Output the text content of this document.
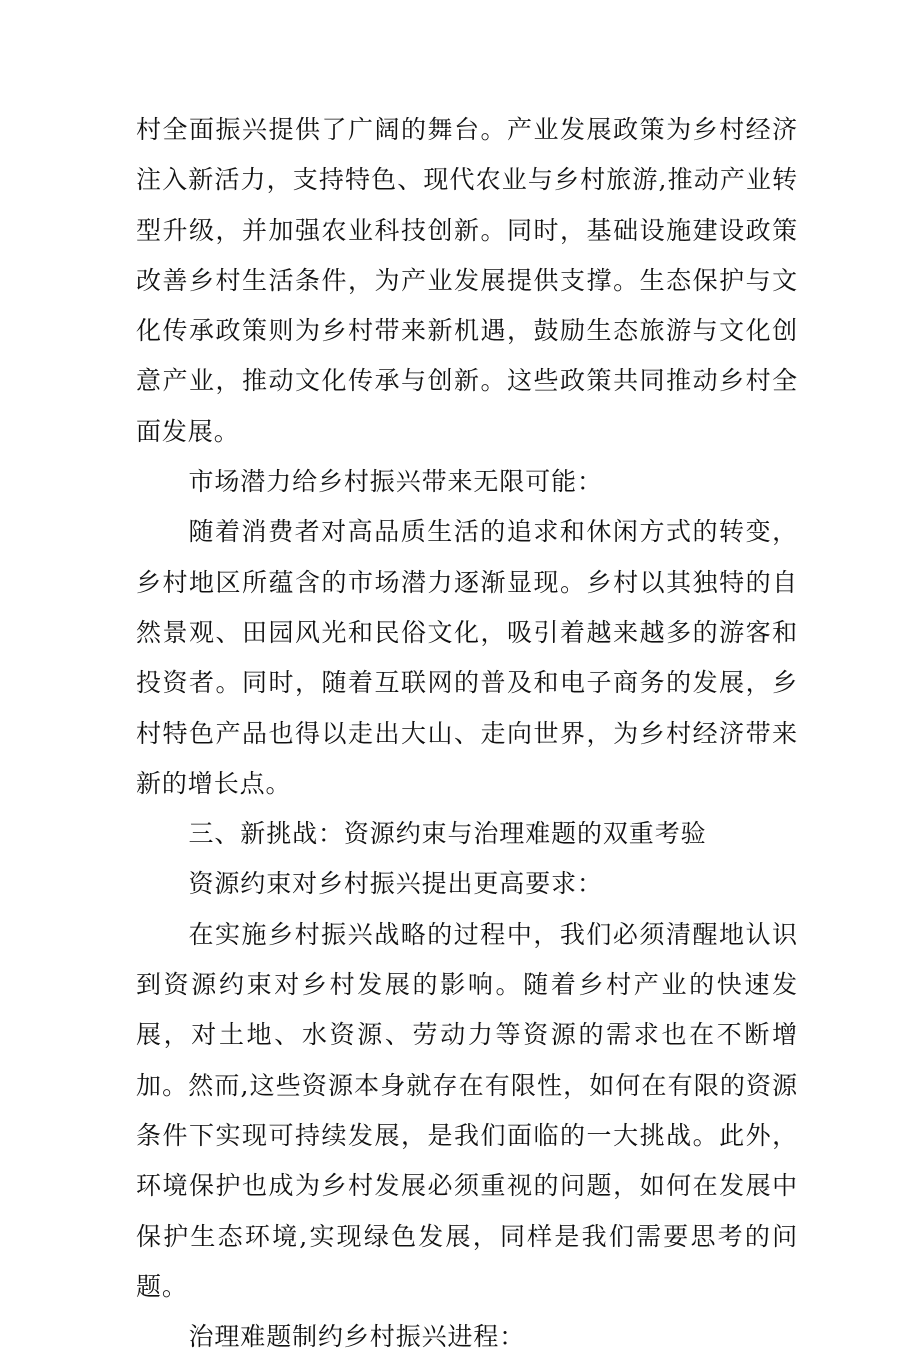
村全面振兴提供了广阔的舞台。产业发展政策为乡村经济注入新活力，支持特色、现代农业与乡村旅游,推动产业转型升级，并加强农业科技创新。同时，基础设施建设政策改善乡村生活条件，为产业发展提供支撑。生态保护与文化传承政策则为乡村带来新机遇，鼓励生态旅游与文化创意产业，推动文化传承与创新。这些政策共同推动乡村全面发展。

市场潜力给乡村振兴带来无限可能：

随着消费者对高品质生活的追求和休闲方式的转变，乡村地区所蕴含的市场潜力逐渐显现。乡村以其独特的自然景观、田园风光和民俗文化，吸引着越来越多的游客和投资者。同时，随着互联网的普及和电子商务的发展，乡村特色产品也得以走出大山、走向世界，为乡村经济带来新的增长点。

三、新挑战：资源约束与治理难题的双重考验

资源约束对乡村振兴提出更高要求：

在实施乡村振兴战略的过程中，我们必须清醒地认识到资源约束对乡村发展的影响。随着乡村产业的快速发展，对土地、水资源、劳动力等资源的需求也在不断增加。然而,这些资源本身就存在有限性，如何在有限的资源条件下实现可持续发展，是我们面临的一大挑战。此外，环境保护也成为乡村发展必须重视的问题，如何在发展中保护生态环境,实现绿色发展，同样是我们需要思考的问题。

治理难题制约乡村振兴进程：
